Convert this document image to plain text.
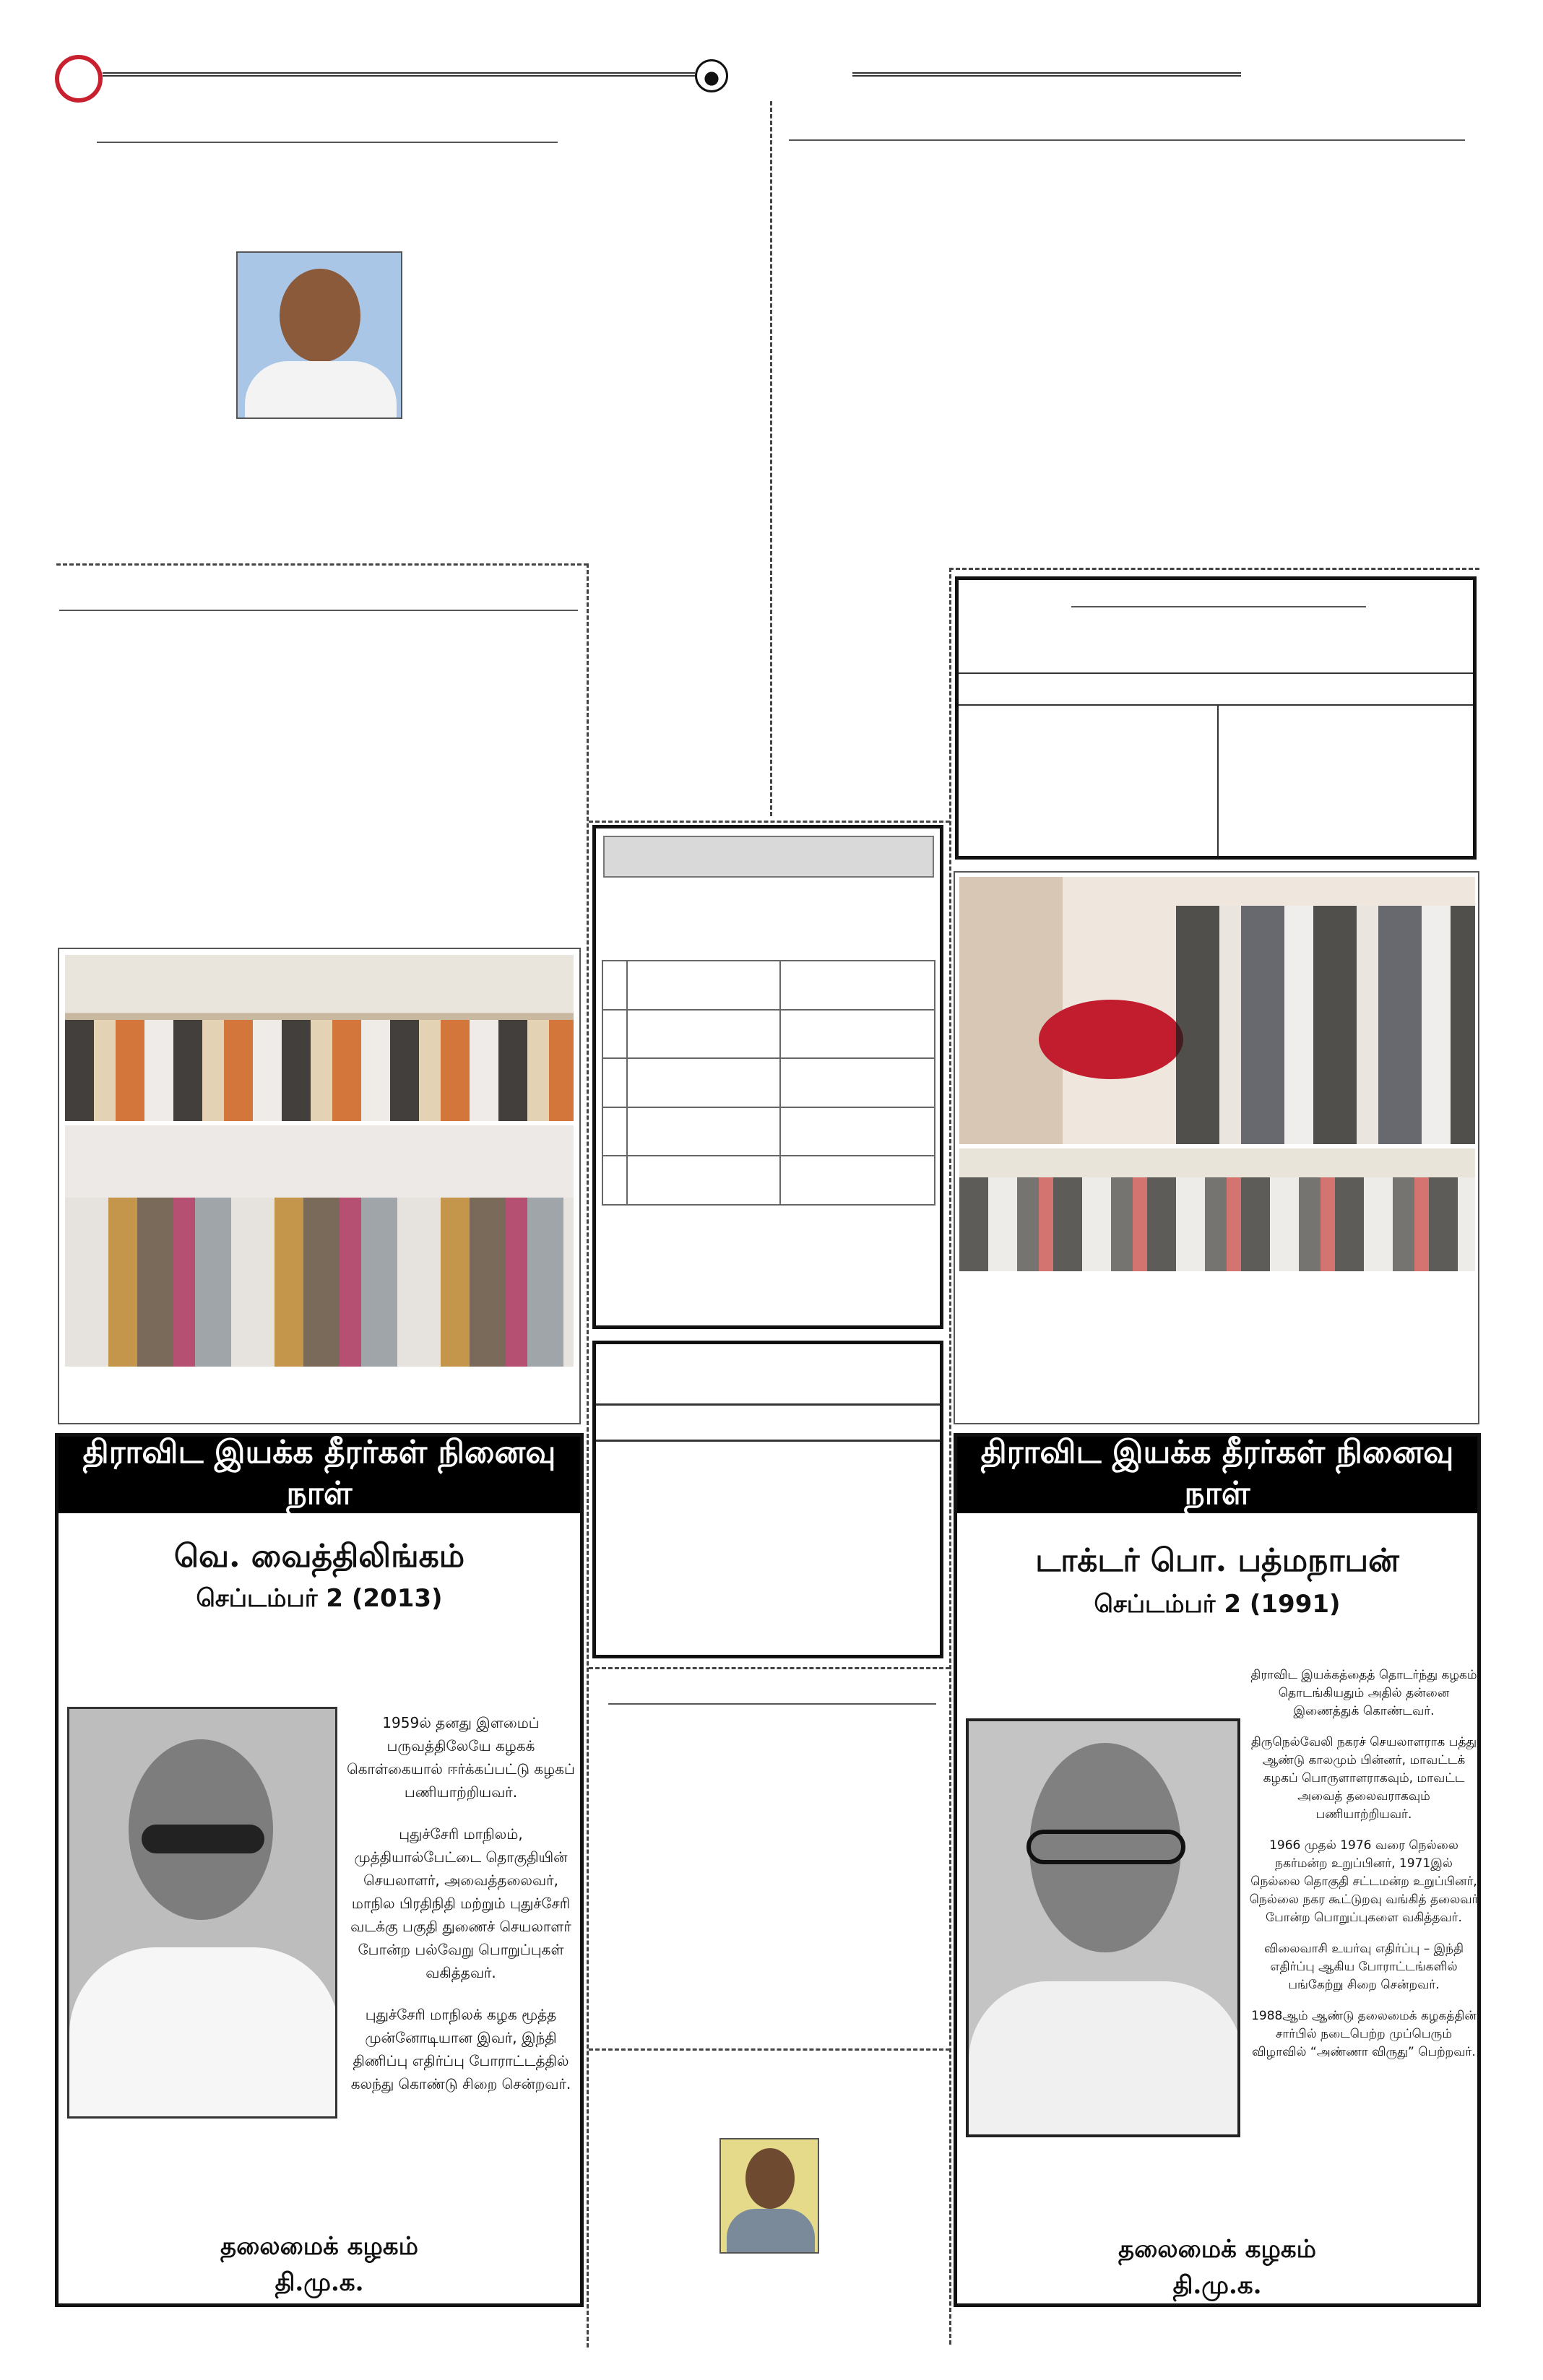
திராவிட இயக்க தீரர்கள் நினைவு நாள்
வெ. வைத்திலிங்கம்
செப்டம்பர் 2 (2013)

1959ல் தனது இளமைப் பருவத்திலேயே கழகக் கொள்கையால் ஈர்க்கப்பட்டு கழகப் பணியாற்றியவர்.

புதுச்சேரி மாநிலம், முத்தியால்பேட்டை தொகுதியின் செயலாளர், அவைத்தலைவர், மாநில பிரதிநிதி மற்றும் புதுச்சேரி வடக்கு பகுதி துணைச் செயலாளர் போன்ற பல்வேறு பொறுப்புகள் வகித்தவர்.

புதுச்சேரி மாநிலக் கழக மூத்த முன்னோடியான இவர், இந்தி திணிப்பு எதிர்ப்பு போராட்டத்தில் கலந்து கொண்டு சிறை சென்றவர்.

தலைமைக் கழகம்
தி.மு.க.
திராவிட இயக்க தீரர்கள் நினைவு நாள்
டாக்டர் பொ. பத்மநாபன்
செப்டம்பர் 2 (1991)

திராவிட இயக்கத்தைத் தொடர்ந்து கழகம் தொடங்கியதும் அதில் தன்னை இணைத்துக் கொண்டவர்.

திருநெல்வேலி நகரச் செயலாளராக பத்து ஆண்டு காலமும் பின்னர், மாவட்டக் கழகப் பொருளாளராகவும், மாவட்ட அவைத் தலைவராகவும் பணியாற்றியவர்.

1966 முதல் 1976 வரை நெல்லை நகர்மன்ற உறுப்பினர், 1971இல் நெல்லை தொகுதி சட்டமன்ற உறுப்பினர், நெல்லை நகர கூட்டுறவு வங்கித் தலைவர் போன்ற பொறுப்புகளை வகித்தவர்.

விலைவாசி உயர்வு எதிர்ப்பு – இந்தி எதிர்ப்பு ஆகிய போராட்டங்களில் பங்கேற்று சிறை சென்றவர்.

1988ஆம் ஆண்டு தலைமைக் கழகத்தின் சார்பில் நடைபெற்ற முப்பெரும் விழாவில் “அண்ணா விருது” பெற்றவர்.

தலைமைக் கழகம்
தி.மு.க.
